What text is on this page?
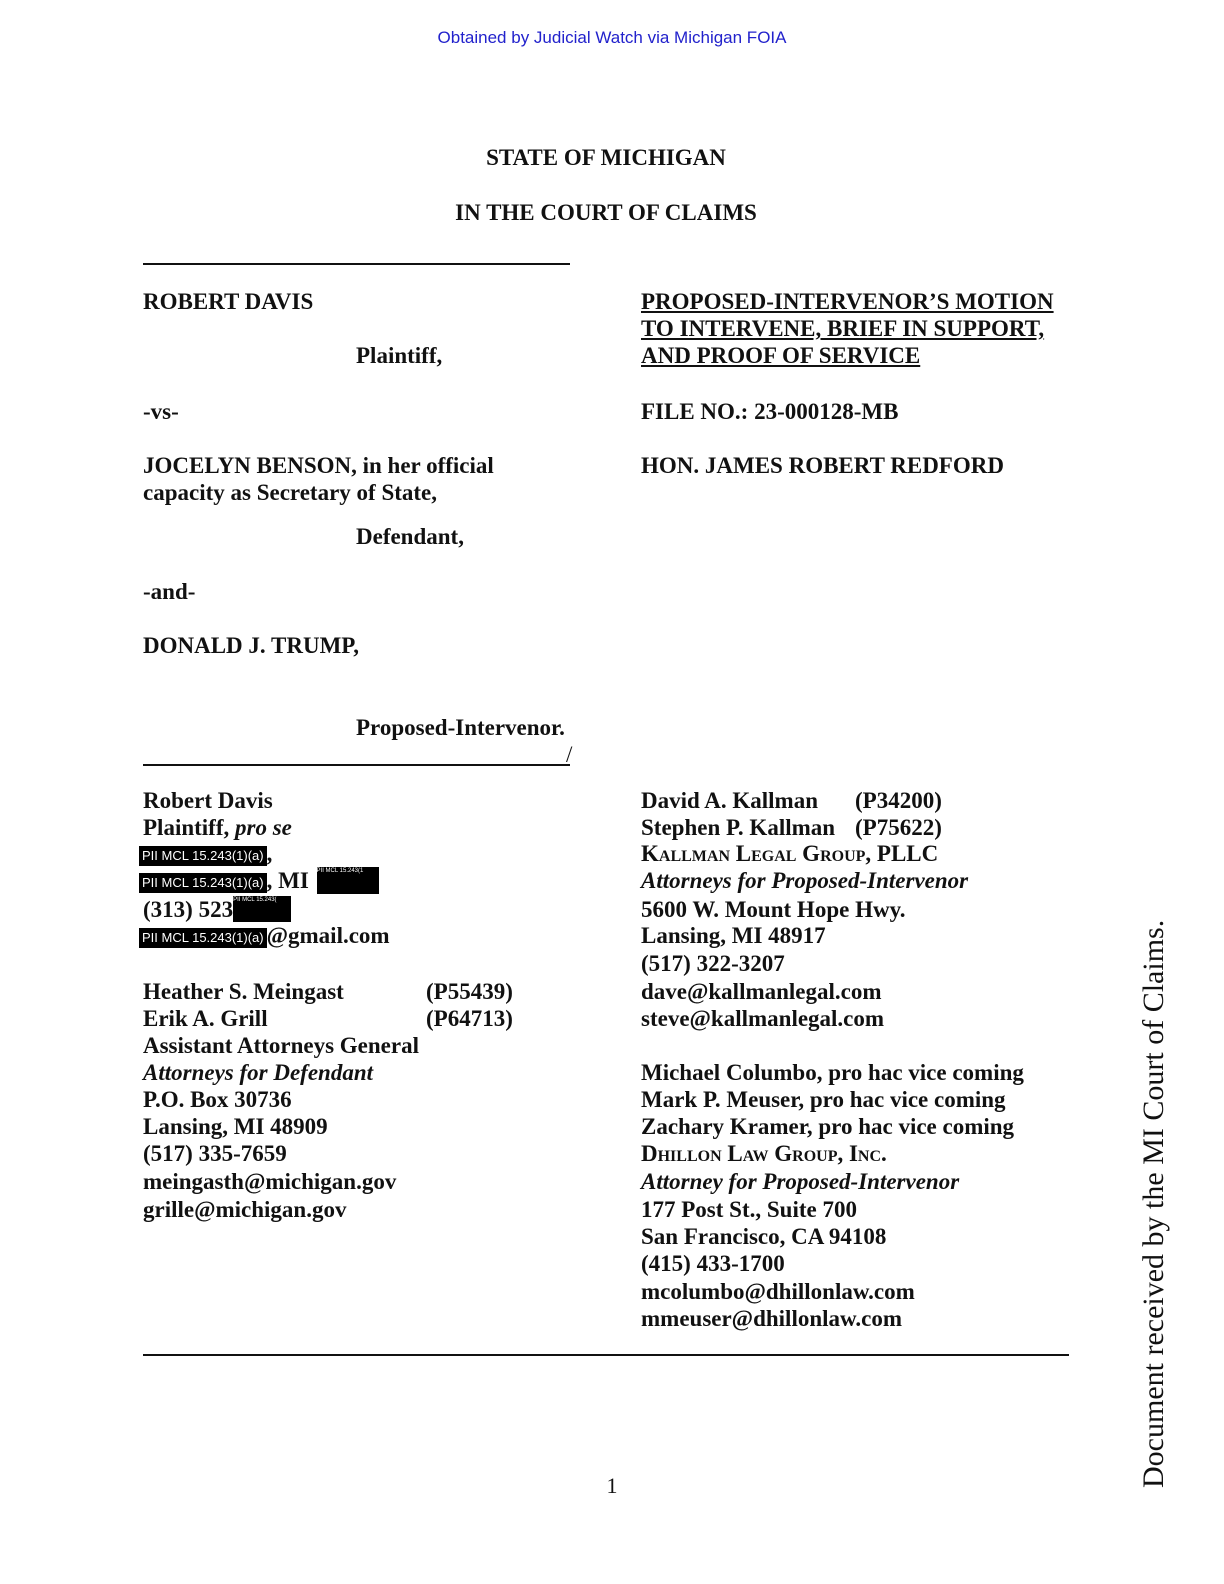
Obtained by Judicial Watch via Michigan FOIA
STATE OF MICHIGAN
IN THE COURT OF CLAIMS
/
ROBERT DAVIS
Plaintiff,
-vs-
JOCELYN BENSON, in her official
capacity as Secretary of State,
Defendant,
-and-
DONALD J. TRUMP,
Proposed-Intervenor.
PROPOSED-INTERVENOR’S MOTION
TO INTERVENE, BRIEF IN SUPPORT,
AND PROOF OF SERVICE
FILE NO.: 23-000128-MB
HON. JAMES ROBERT REDFORD
Robert Davis
Plaintiff, pro se
PII MCL 15.243(1)(a) ,
PII MCL 15.243(1)(a) , MI PII MCL 15.243(1
(313) 523PII MCL 15.243(
PII MCL 15.243(1)(a) @gmail.com
Heather S. Meingast	(P55439)
Erik A. Grill	(P64713)
Assistant Attorneys General
Attorneys for Defendant
P.O. Box 30736
Lansing, MI 48909
(517) 335-7659
meingasth@michigan.gov
grille@michigan.gov
David A. Kallman (P34200)
Stephen P. Kallman (P75622)
Kallman Legal Group, PLLC
Attorneys for Proposed-Intervenor
5600 W. Mount Hope Hwy.
Lansing, MI 48917
(517) 322-3207
dave@kallmanlegal.com
steve@kallmanlegal.com
Michael Columbo, pro hac vice coming
Mark P. Meuser, pro hac vice coming
Zachary Kramer, pro hac vice coming
Dhillon Law Group, Inc.
Attorney for Proposed-Intervenor
177 Post St., Suite 700
San Francisco, CA 94108
(415) 433-1700
mcolumbo@dhillonlaw.com
mmeuser@dhillonlaw.com	Document received by the MI Court of Claims.
1
